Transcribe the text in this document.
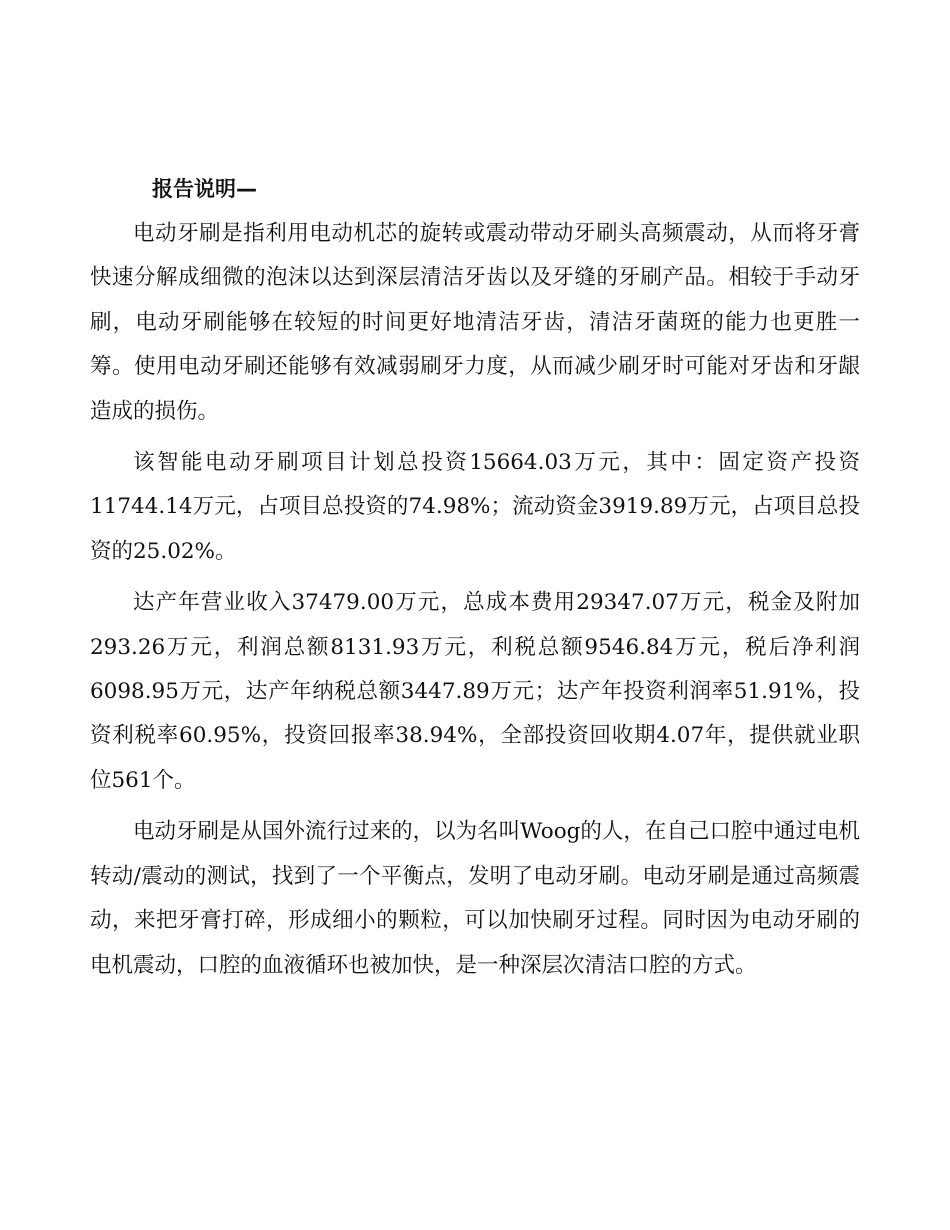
报告说明—

电动牙刷是指利用电动机芯的旋转或震动带动牙刷头高频震动，从而将牙膏快速分解成细微的泡沫以达到深层清洁牙齿以及牙缝的牙刷产品。相较于手动牙刷，电动牙刷能够在较短的时间更好地清洁牙齿，清洁牙菌斑的能力也更胜一筹。使用电动牙刷还能够有效减弱刷牙力度，从而减少刷牙时可能对牙齿和牙龈造成的损伤。

该智能电动牙刷项目计划总投资15664.03万元，其中：固定资产投资11744.14万元，占项目总投资的74.98%；流动资金3919.89万元，占项目总投资的25.02%。

达产年营业收入37479.00万元，总成本费用29347.07万元，税金及附加293.26万元，利润总额8131.93万元，利税总额9546.84万元，税后净利润6098.95万元，达产年纳税总额3447.89万元；达产年投资利润率51.91%，投资利税率60.95%，投资回报率38.94%，全部投资回收期4.07年，提供就业职位561个。

电动牙刷是从国外流行过来的，以为名叫Woog的人，在自己口腔中通过电机转动/震动的测试，找到了一个平衡点，发明了电动牙刷。电动牙刷是通过高频震动，来把牙膏打碎，形成细小的颗粒，可以加快刷牙过程。同时因为电动牙刷的电机震动，口腔的血液循环也被加快，是一种深层次清洁口腔的方式。
